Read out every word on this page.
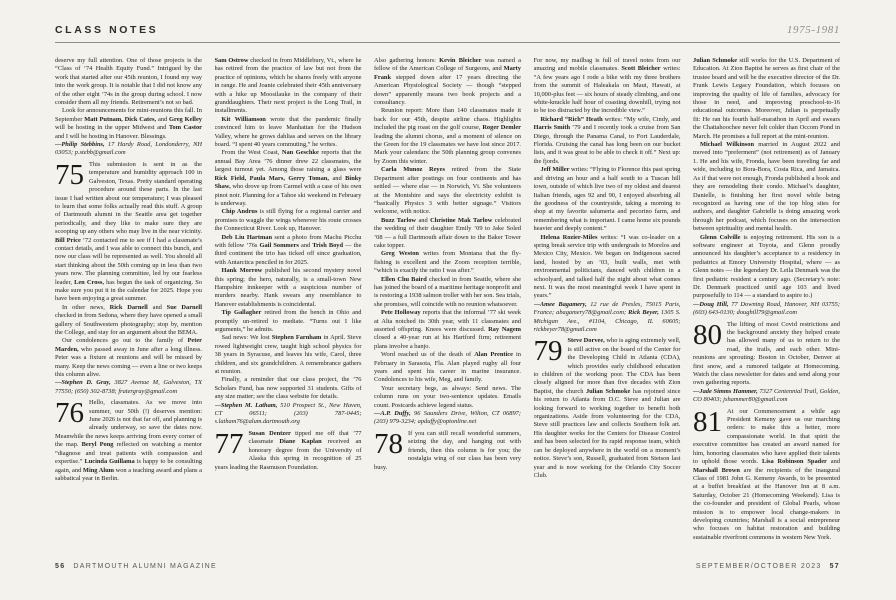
CLASS NOTES	1975-1981

deserve my full attention. One of those projects is the “Class of ’74 Health Equity Fund.” Intrigued by the work that started after our 45th reunion, I found my way into the work group. It is notable that I did not know any of the other eight ’74s in the group during school. I now consider them all my friends. Retirement’s not so bad.

Look for announcements for mini-reunions this fall. In September Matt Putnam, Dick Cates, and Greg Kelley will be hosting in the upper Midwest and Tom Castor and I will be hosting in Hanover. Blessings.

—Philip Stebbins, 17 Hardy Road, Londonderry, NH 03053; p.stebb@gmail.com

75 This submission is sent in as the temperature and humidity approach 100 in Galveston, Texas. Pretty standard operating procedure around these parts. In the last issue I had written about our temperature; I was pleased to learn that some folks actually read this stuff. A group of Dartmouth alumni in the Seattle area get together periodically, and they like to make sure they are scooping up any others who may live in the near vicinity. Bill Price ’72 contacted me to see if I had a classmate’s contact details, and I was able to connect this bunch, and now our class will be represented as well. You should all start thinking about the 50th coming up in less than two years now. The planning committee, led by our fearless leader, Len Cross, has begun the task of organizing. So make sure you put it in the calendar for 2025. Hope you have been enjoying a great summer.

In other news, Rick Darnell and Sue Darnell checked in from Sedona, where they have opened a small gallery of Southwestern photography; stop by, mention the College, and stay for an argument about the BEMA.

Our condolences go out to the family of Peter Marden, who passed away in June after a long illness. Peter was a fixture at reunions and will be missed by many. Keep the news coming — even a line or two keeps this column alive.

—Stephen D. Gray, 3827 Avenue M, Galveston, TX 77550; (650) 302-8738; fratergray@gmail.com

76 Hello, classmates. As we move into summer, our 50th (!) deserves mention: June 2026 is not that far off, and planning is already underway, so save the dates now. Meanwhile the news keeps arriving from every corner of the map. Beryl Pong reflected on watching a mentor “diagnose and treat patients with compassion and expertise.” Lucinda Guillama is happy to be consulting again, and Ming Alum won a teaching award and plans a sabbatical year in Berlin.

Sam Ostrow checked in from Middlebury, Vt., where he has retired from the practice of law but not from the practice of opinions, which he shares freely with anyone in range. He and Joanie celebrated their 45th anniversary with a hike up Moosilauke in the company of their granddaughters. Their next project is the Long Trail, in installments.

Kit Williamson wrote that the pandemic finally convinced him to leave Manhattan for the Hudson Valley, where he grows dahlias and serves on the library board. “I spent 40 years commuting,” he writes.

From the West Coast, Nan Geschke reports that the annual Bay Area ’76 dinner drew 22 classmates, the largest turnout yet. Among those raising a glass were Rick Field, Paula Mars, Gerry Toman, and Binky Shaw, who drove up from Carmel with a case of his own pinot noir. Planning for a Tahoe ski weekend in February is underway.

Chip Andrus is still flying for a regional carrier and promises to waggle the wings whenever his route crosses the Connecticut River. Look up, Hanover.

Deb Liu Hartman sent a photo from Machu Picchu with fellow ’76s Gail Sommers and Trish Boyd — the third continent the trio has ticked off since graduation, with Antarctica penciled in for 2025.

Hank Morrow published his second mystery novel this spring; the hero, naturally, is a small-town New Hampshire innkeeper with a suspicious number of murders nearby. Hank swears any resemblance to Hanover establishments is coincidental.

Tip Gallagher retired from the bench in Ohio and promptly un-retired to mediate. “Turns out I like arguments,” he admits.

Sad news: We lost Stephen Farnham in April. Steve rowed lightweight crew, taught high school physics for 38 years in Syracuse, and leaves his wife, Carol, three children, and six grandchildren. A remembrance gathers at reunion.

Finally, a reminder that our class project, the ’76 Scholars Fund, has now supported 31 students. Gifts of any size matter; see the class website for details.

—Stephen M. Latham, 510 Prospect St., New Haven, CT 06511; (203) 787-0445; s.latham76@alum.dartmouth.org

77 Susan Dentzer tipped me off that ’77 classmate Diane Kaplan received an honorary degree from the University of Alaska this spring in recognition of 25 years leading the Rasmuson Foundation.

Also gathering honors: Kevin Bleicher was named a fellow of the American College of Surgeons, and Marty Frank stepped down after 17 years directing the American Physiological Society — though “stepped down” apparently means two book projects and a consultancy.

Reunion report: More than 140 classmates made it back for our 45th, despite airline chaos. Highlights included the pig roast on the golf course, Roger Demler leading the alumni chorus, and a moment of silence on the Green for the 19 classmates we have lost since 2017. Mark your calendars: the 50th planning group convenes by Zoom this winter.

Carla Munoz Reyes retired from the State Department after postings on four continents and has settled — where else — in Norwich, Vt. She volunteers at the Montshire and says the electricity exhibit is “basically Physics 3 with better signage.” Visitors welcome, with notice.

Buzz Tarlow and Christine Mak Tarlow celebrated the wedding of their daughter Emily ’09 to Jake Soled ’08 — a full Dartmouth affair down to the Baker Tower cake topper.

Greg Weston writes from Montana that the fly-fishing is excellent and the Zoom reception terrible, “which is exactly the ratio I was after.”

Ellen Chu Baird checked in from Seattle, where she has joined the board of a maritime heritage nonprofit and is restoring a 1938 salmon troller with her son. Sea trials, she promises, will coincide with no reunion whatsoever.

Pete Holloway reports that the informal ’77 ski week at Alta notched its 30th year, with 11 classmates and assorted offspring. Knees were discussed. Ray Nagem closed a 40-year run at his Hartford firm; retirement plans involve a banjo.

Word reached us of the death of Alan Prentice in February in Sarasota, Fla. Alan played rugby all four years and spent his career in marine insurance. Condolences to his wife, Meg, and family.

Your secretary begs, as always: Send news. The column runs on your two-sentence updates. Emails count. Postcards achieve legend status.

—A.P. Duffy, 96 Saunders Drive, Wilton, CT 06897; (203) 979-3234; apduffy@optonline.net

78 If you can still recall wonderful summers, seizing the day, and hanging out with friends, then this column is for you; the nostalgia wing of our class has been very busy.

For now, my mailbag is full of travel notes from our amazing and mobile classmates. Scott Bleicher writes: “A few years ago I rode a bike with my three brothers from the summit of Haleakala on Maui, Hawaii, at 10,000-plus feet — six hours of steady climbing, and one white-knuckle half hour of coasting downhill, trying not to be too distracted by the incredible view.”

Richard “Rich” Heath writes: “My wife, Cindy, and Harris Smith ’79 and I recently took a cruise from San Diego, through the Panama Canal, to Fort Lauderdale, Florida. Cruising the canal has long been on our bucket lists, and it was great to be able to check it off.” Next up: the fjords.

Jeff Miller writes: “Flying to Florence this past spring and driving an hour and a half south to a Tuscan hill town, outside of which live two of my oldest and dearest Italian friends, ages 92 and 90, I enjoyed absorbing all the goodness of the countryside, taking a morning to shop at my favorite salumeria and pecorino farm, and remembering what is important. I came home six pounds heavier and deeply content.”

Helena Rozier-Miles writes: “I was co-leader on a spring break service trip with undergrads to Morelos and Mexico City, Mexico. We began on Indigenous sacred land, hosted by an ’03, built walls, met with environmental politicians, danced with children in a schoolyard, and talked half the night about what comes next. It was the most meaningful week I have spent in years.”

—Amee Bagamery, 12 rue de Presles, 75015 Paris, France; abagamery78@gmail.com; Rick Beyer, 1305 S. Michigan Ave., #1104, Chicago, IL 60605; rickbeyer78@gmail.com

79 Steve Dorvee, who is aging extremely well, is still active on the board of the Center for the Developing Child in Atlanta (CDA), which provides early childhood education to children of the working poor. The CDA has been closely aligned for more than five decades with Zion Baptist, the church Julian Schmoke has rejoined since his return to Atlanta from D.C. Steve and Julian are looking forward to working together to benefit both organizations. Aside from volunteering for the CDA, Steve still practices law and collects Southern folk art. His daughter works for the Centers for Disease Control and has been selected for its rapid response team, which can be deployed anywhere in the world on a moment’s notice. Steve’s son, Russell, graduated from Stetson last year and is now working for the Orlando City Soccer Club.

Julian Schmoke still works for the U.S. Department of Education. At Zion Baptist he serves as first chair of the trustee board and will be the executive director of the Dr. Frank Lewis Legacy Foundation, which focuses on improving the quality of life of families, advocacy for those in need, and improving preschool-to-16 educational outcomes. Moreover, Julian is perpetually fit: He ran his fourth half-marathon in April and swears the Chattahoochee never felt colder than Occom Pond in March. He promises a full report at the mini-reunion.

Michael Wilkinson married in August 2022 and moved into “preferment” (not retirement) as of January 1. He and his wife, Fronda, have been traveling far and wide, including to Bora-Bora, Costa Rica, and Jamaica. As if that were not enough, Fronda published a book and they are remodeling their condo. Michael’s daughter, Danielle, is finishing her first novel while being recognized as having one of the top blog sites for authors, and daughter Gabrielle is doing amazing work through her podcast, which focuses on the intersection between spirituality and mental health.

Glenn Colville is enjoying retirement. His son is a software engineer at Toyota, and Glenn proudly announced his daughter’s acceptance to a residency in pediatrics at Emory University Hospital, where — as Glenn notes — the legendary Dr. Leila Denmark was the first pediatric resident a century ago. (Secretary’s note: Dr. Denmark practiced until age 103 and lived purposefully to 114 — a standard to aspire to.)

—Doug Hill, 77 Downing Road, Hanover, NH 03755; (603) 643-0130; doughill79@gmail.com

80 The lifting of most Covid restrictions and the background anxiety they helped create has allowed many of us to return to the road, the trails, and each other. Mini-reunions are sprouting: Boston in October, Denver at first snow, and a rumored tailgate at Homecoming. Watch the class newsletter for dates and send along your own gathering reports.

—Jade Simms Hammer, 7327 Centennial Trail, Golden, CO 80403; jshammer80@gmail.com

81 At our Commencement a while ago President Kemeny gave us our marching orders: to make this a better, more compassionate world. In that spirit the executive committee has created an award named for him, honoring classmates who have applied their talents to uphold those words. Lisa Robinson Spader and Marshall Brown are the recipients of the inaugural Class of 1981 John G. Kemeny Awards, to be presented at a buffet breakfast at the Hanover Inn at 8 a.m. Saturday, October 21 (Homecoming Weekend). Lisa is the co-founder and president of Global Pearls, whose mission is to empower local change-makers in developing countries; Marshall is a social entrepreneur who focuses on habitat restoration and building sustainable riverfront commons in western New York.

56 DARTMOUTH ALUMNI MAGAZINE	SEPTEMBER/OCTOBER 2023 57
